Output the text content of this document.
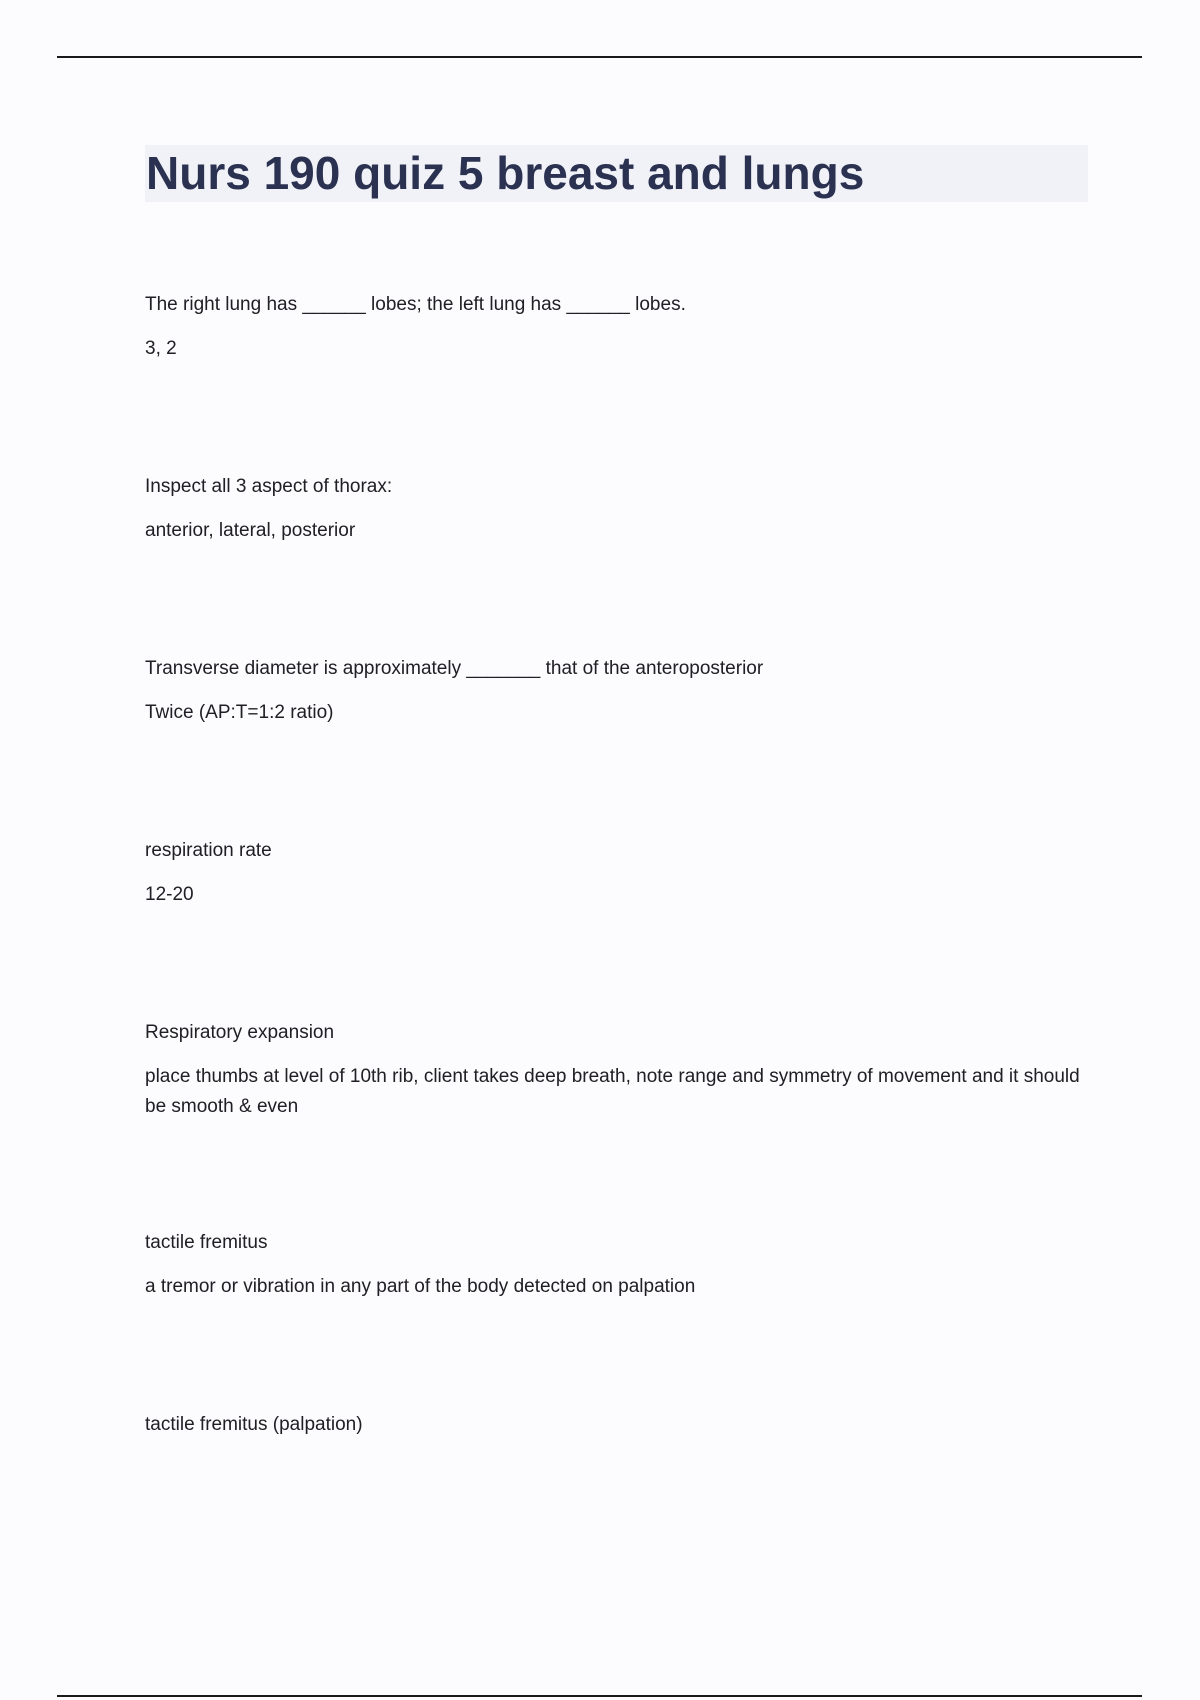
Nurs 190 quiz 5 breast and lungs

The right lung has ______ lobes; the left lung has ______ lobes.

3, 2

Inspect all 3 aspect of thorax:

anterior, lateral, posterior

Transverse diameter is approximately _______ that of the anteroposterior

Twice (AP:T=1:2 ratio)

respiration rate

12-20

Respiratory expansion

place thumbs at level of 10th rib, client takes deep breath, note range and symmetry of movement and it should be smooth & even

tactile fremitus

a tremor or vibration in any part of the body detected on palpation

tactile fremitus (palpation)
